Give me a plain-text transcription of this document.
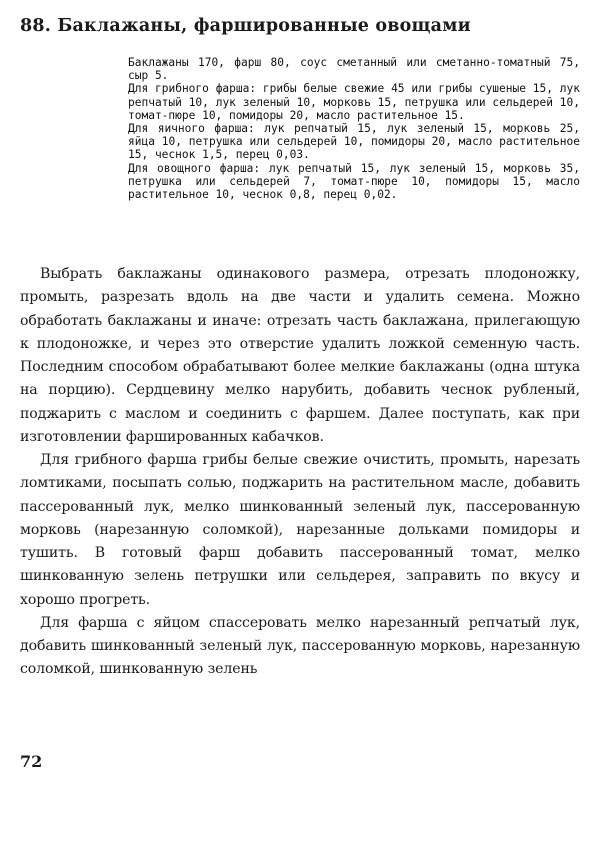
88. Баклажаны, фаршированные овощами

Баклажаны 170, фарш 80, соус сметанный или сметанно-томатный 75, сыр 5.

Для грибного фарша: грибы белые свежие 45 или грибы сушеные 15, лук репчатый 10, лук зеленый 10, морковь 15, петрушка или сельдерей 10, томат-пюре 10, помидоры 20, масло растительное 15.

Для яичного фарша: лук репчатый 15, лук зеленый 15, морковь 25, яйца 10, петрушка или сельдерей 10, помидоры 20, масло растительное 15, чеснок 1,5, перец 0,03.

Для овощного фарша: лук репчатый 15, лук зеленый 15, морковь 35, петрушка или сельдерей 7, томат-пюре 10, помидоры 15, масло растительное 10, чеснок 0,8, перец 0,02.

Выбрать баклажаны одинакового размера, отрезать плодоножку, промыть, разрезать вдоль на две части и удалить семена. Можно обработать баклажаны и иначе: отрезать часть баклажана, прилегающую к плодоножке, и через это отверстие удалить ложкой семенную часть. Последним способом обрабатывают более мелкие баклажаны (одна штука на порцию). Сердцевину мелко нарубить, добавить чеснок рубленый, поджарить с маслом и соединить с фаршем. Далее поступать, как при изготовлении фаршированных кабачков.

Для грибного фарша грибы белые свежие очистить, промыть, нарезать ломтиками, посыпать солью, поджарить на растительном масле, добавить пассерованный лук, мелко шинкованный зеленый лук, пассерованную морковь (нарезанную соломкой), нарезанные дольками помидоры и тушить. В готовый фарш добавить пассерованный томат, мелко шинкованную зелень петрушки или сельдерея, заправить по вкусу и хорошо прогреть.

Для фарша с яйцом спассеровать мелко нарезанный репчатый лук, добавить шинкованный зеленый лук, пассерованную морковь, нарезанную соломкой, шинкованную зелень

72
